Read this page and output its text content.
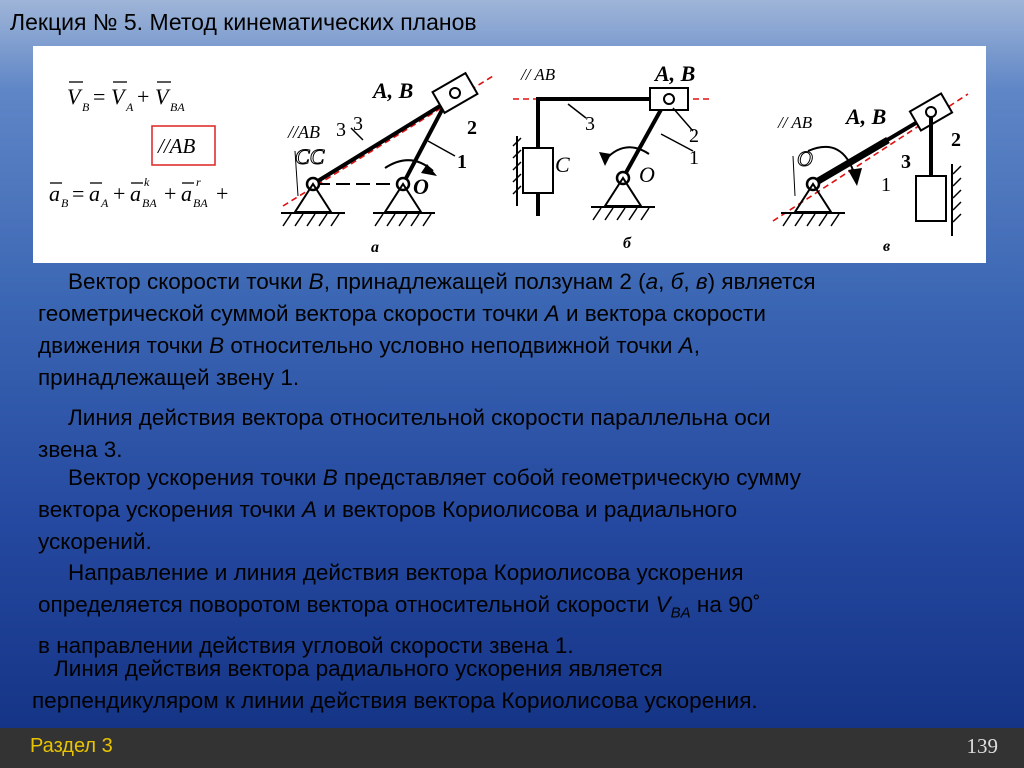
Лекция № 5. Метод кинематических планов
V B = V A + V BA
//AB
a B = a A + a BA
k + a BA
r +
//AB 3 3
CC
A, B
2
1
O
а
// AB
3
A, B
2
1
C	O
б
// AB A, B
O
2
3
1
в
Вектор скорости точки B, принадлежащей ползунам 2 (а, б, в) является
геометрической суммой вектора скорости точки A и вектора скорости
движения точки B относительно условно неподвижной точки A,
принадлежащей звену 1.
Линия действия вектора относительной скорости параллельна оси
звена 3.
Вектор ускорения точки B представляет собой геометрическую сумму
вектора ускорения точки A и векторов Кориолисова и радиального
ускорений.
Направление и линия действия вектора Кориолисова ускорения
определяется поворотом вектора относительной скорости $V_{BA}$ на 90˚
в направлении действия угловой скорости звена 1.
Линия действия вектора радиального ускорения является
перпендикуляром к линии действия вектора Кориолисова ускорения.
Раздел 3	139
